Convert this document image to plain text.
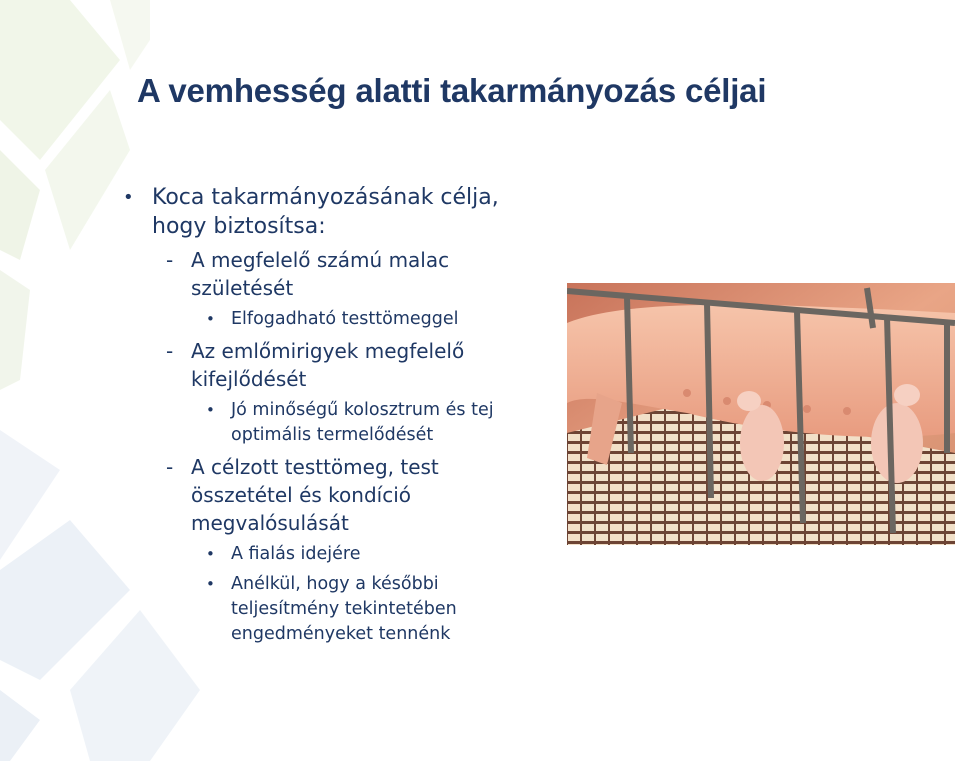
A vemhesség alatti takarmányozás céljai
• Koca takarmányozásának célja,
hogy biztosítsa:
- A megfelelő számú malac
születését
• Elfogadható testtömeggel
- Az emlőmirigyek megfelelő
kifejlődését
• Jó minőségű kolosztrum és tej
optimális termelődését
- A célzott testtömeg, test
összetétel és kondíció
megvalósulását
• A fialás idejére
• Anélkül, hogy a későbbi
teljesítmény tekintetében
engedményeket tennénk
